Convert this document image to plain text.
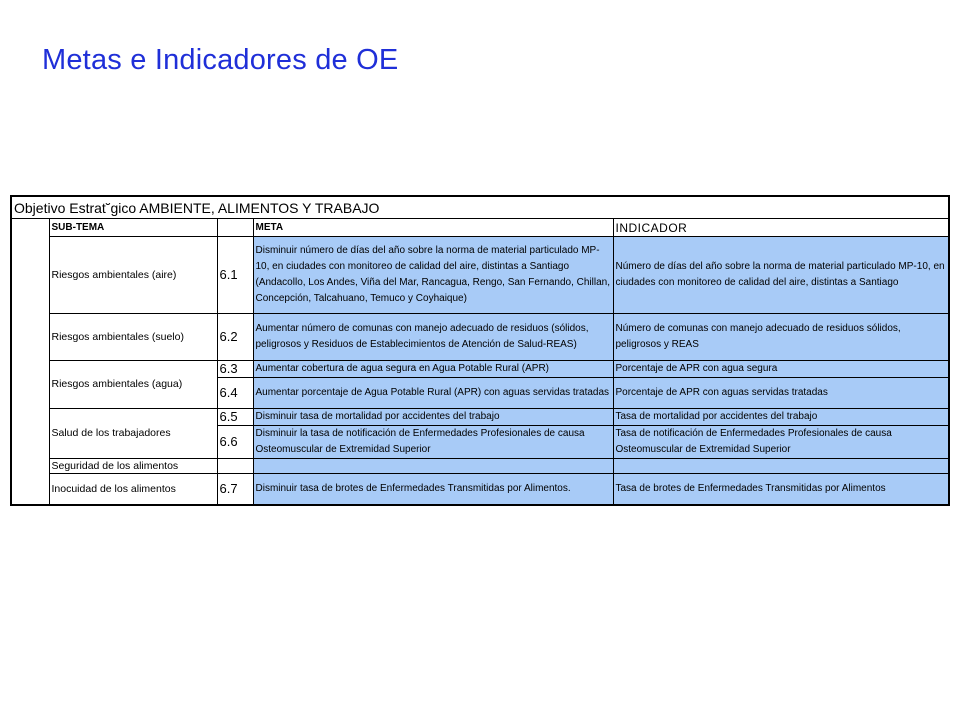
Metas e Indicadores de OE
Objetivo Estrat˘gico AMBIENTE, ALIMENTOS Y TRABAJO				
	SUB-TEMA		META	INDICADOR
	Riesgos ambientales (aire)	6.1	Disminuir número de días del año sobre la norma de material particulado MP-10, en ciudades con monitoreo de calidad del aire, distintas a Santiago (Andacollo, Los Andes, Viña del Mar, Rancagua, Rengo, San Fernando, Chillan, Concepción, Talcahuano, Temuco y Coyhaique)	Número de días del año sobre la norma de material particulado MP-10, en ciudades con monitoreo de calidad del aire, distintas a Santiago
	Riesgos ambientales (suelo)	6.2	Aumentar número de comunas con manejo adecuado de residuos (sólidos, peligrosos y Residuos de Establecimientos de Atención de Salud-REAS)	Número de comunas con manejo adecuado de residuos sólidos, peligrosos y REAS
	Riesgos ambientales (agua)	6.3	Aumentar cobertura de agua segura en Agua Potable Rural (APR)	Porcentaje de APR con agua segura
		6.4	Aumentar porcentaje de Agua Potable Rural (APR) con aguas servidas tratadas	Porcentaje de APR con aguas servidas tratadas
	Salud de los trabajadores	6.5	Disminuir tasa de mortalidad por accidentes del trabajo	Tasa de mortalidad por accidentes del trabajo
		6.6	Disminuir la tasa de notificación de Enfermedades Profesionales de causa Osteomuscular de Extremidad Superior	Tasa de notificación de Enfermedades Profesionales de causa Osteomuscular de Extremidad Superior
	Seguridad de los alimentos			
	Inocuidad de los alimentos	6.7	Disminuir tasa de brotes de Enfermedades Transmitidas por Alimentos.	Tasa de brotes de Enfermedades Transmitidas por Alimentos
